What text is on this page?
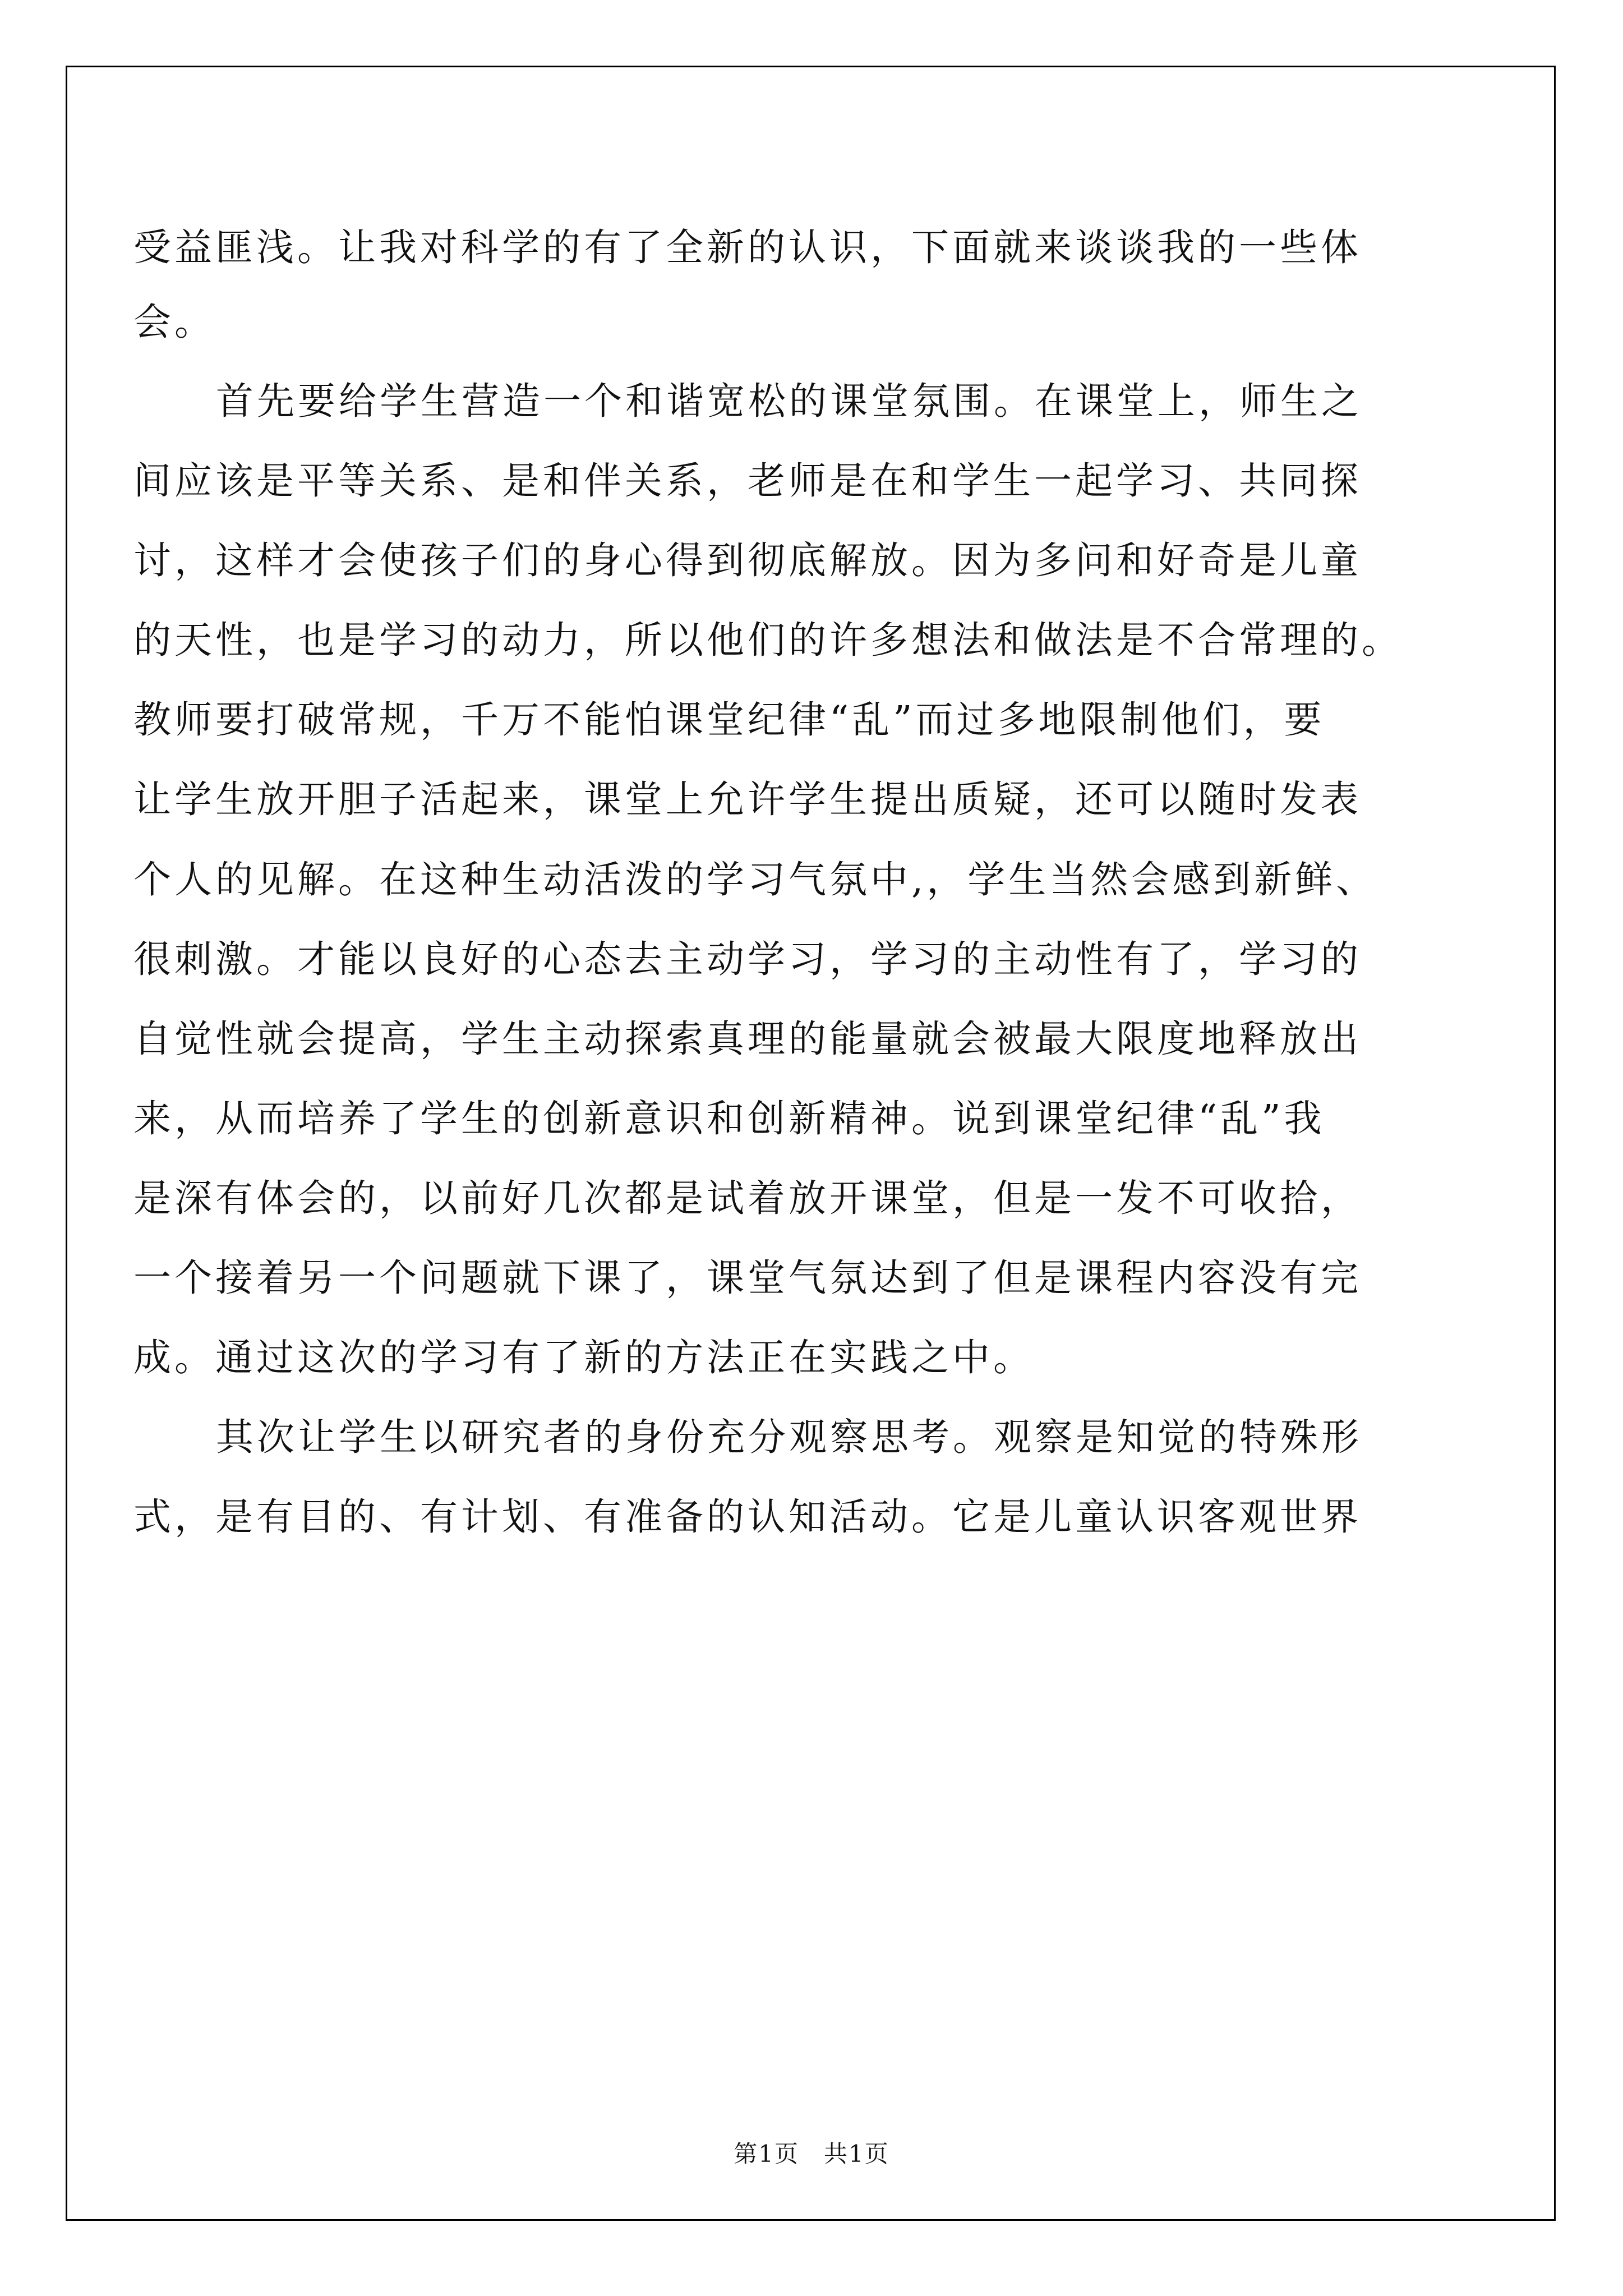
受益匪浅。让我对科学的有了全新的认识，下面就来谈谈我的一些体
会。
首先要给学生营造一个和谐宽松的课堂氛围。在课堂上，师生之
间应该是平等关系、是和伴关系，老师是在和学生一起学习、共同探
讨，这样才会使孩子们的身心得到彻底解放。因为多问和好奇是儿童
的天性，也是学习的动力，所以他们的许多想法和做法是不合常理的。
教师要打破常规，千万不能怕课堂纪律“乱”而过多地限制他们，要
让学生放开胆子活起来，课堂上允许学生提出质疑，还可以随时发表
个人的见解。在这种生动活泼的学习气氛中,，学生当然会感到新鲜、
很刺激。才能以良好的心态去主动学习，学习的主动性有了，学习的
自觉性就会提高，学生主动探索真理的能量就会被最大限度地释放出
来，从而培养了学生的创新意识和创新精神。说到课堂纪律“乱”我
是深有体会的，以前好几次都是试着放开课堂，但是一发不可收拾，
一个接着另一个问题就下课了，课堂气氛达到了但是课程内容没有完
成。通过这次的学习有了新的方法正在实践之中。
其次让学生以研究者的身份充分观察思考。观察是知觉的特殊形
式，是有目的、有计划、有准备的认知活动。它是儿童认识客观世界
第1页　共1页
